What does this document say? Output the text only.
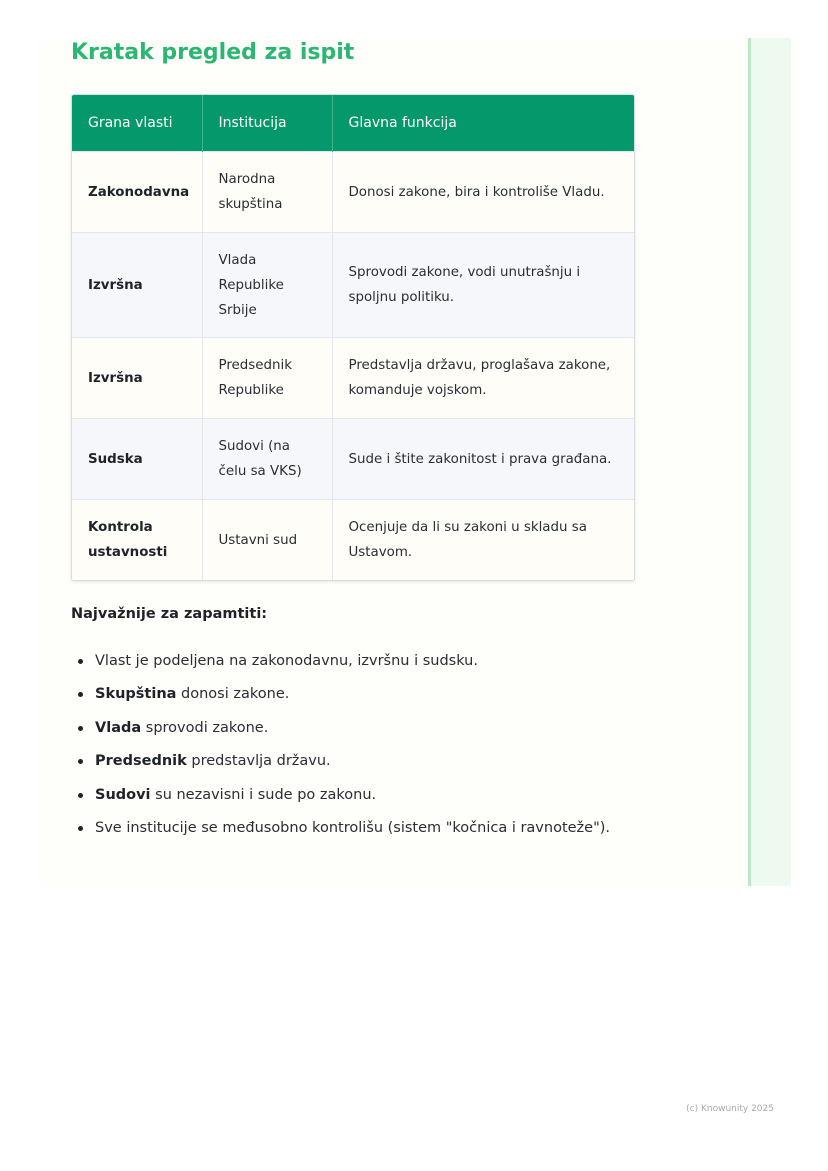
Kratak pregled za ispit
Grana vlasti	Institucija	Glavna funkcija
Zakonodavna	Narodna skupština	Donosi zakone, bira i kontroliše Vladu.
Izvršna	Vlada Republike Srbije	Sprovodi zakone, vodi unutrašnju i spoljnu politiku.
Izvršna	Predsednik Republike	Predstavlja državu, proglašava zakone, komanduje vojskom.
Sudska	Sudovi (na čelu sa VKS)	Sude i štite zakonitost i prava građana.
Kontrola ustavnosti	Ustavni sud	Ocenjuje da li su zakoni u skladu sa Ustavom.
Najvažnije za zapamtiti:
Vlast je podeljena na zakonodavnu, izvršnu i sudsku.
Skupština donosi zakone.
Vlada sprovodi zakone.
Predsednik predstavlja državu.
Sudovi su nezavisni i sude po zakonu.
Sve institucije se međusobno kontrolišu (sistem "kočnica i ravnoteže").
(c) Knowunity 2025
